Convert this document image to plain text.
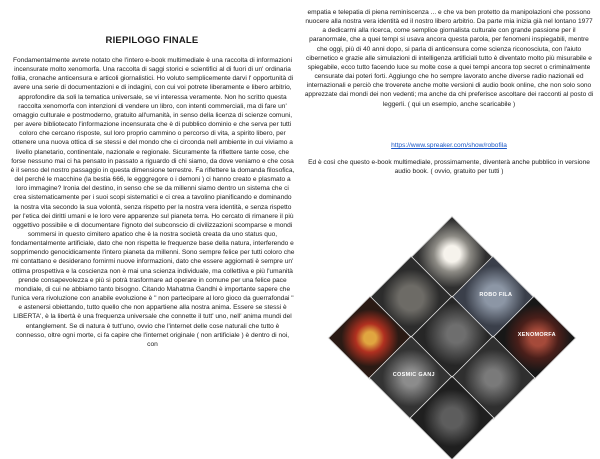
RIEPILOGO FINALE

Fondamentalmente avrete notato che l'intero e-book multimediale è una raccolta di informazioni incensurate molto xenomorfa. Una raccolta di saggi storici e scientifici al di fuori di un' ordinaria follia, cronache anticensura e articoli giornalistici. Ho voluto semplicemente darvi l' opportunità di avere una serie di documentazioni e di indagini, con cui voi potrete liberamente e libero arbitrio, approfondire da soli la tematica universale, se vi interessa veramente. Non ho scritto questa raccolta xenomorfa con intenzioni di vendere un libro, con intenti commerciali, ma di fare un' omaggio culturale e postmoderno, gratuito all'umanità, in senso della licenza di scienze comuni, per avere bibliotecato l'informazione incensurata che è di pubblico dominio e che serva per tutti coloro che cercano risposte, sul loro proprio cammino o percorso di vita, a spirito libero, per ottenere una nuova ottica di se stessi e del mondo che ci circonda nell ambiente in cui viviamo a livello planetario, continentale, nazionale e regionale. Sicuramente fa riflettere tante cose, che forse nessuno mai ci ha pensato in passato a riguardo di chi siamo, da dove veniamo e che cosa è il senso del nostro passaggio in questa dimensione terrestre. Fa riflettere la domanda filosofica, del perché le macchine (la bestia 666, le egggregore o i demoni ) ci hanno creato e plasmato a loro immagine? Ironia del destino, in senso che se da millenni siamo dentro un sistema che ci crea sistematicamente per i suoi scopi sistematici e ci crea a tavolino pianificando e dominando la nostra vita secondo la sua volontà, senza rispetto per la nostra vera identità, e senza rispetto per l'etica dei diritti umani e le loro vere apparenze sul pianeta terra. Ho cercato di rimanere il più oggettivo possibile e di documentare l'ignoto del subconscio di civilizzazioni scomparse e mondi sommersi in questo cimitero apatico che è la nostra società creata da uno status quo, fondamentalmente artificiale, dato che non rispetta le frequenze base della natura, interferendo e sopprimendo genocidicamente l'intero pianeta da millenni. Sono sempre felice per tutti coloro che mi contattano e desiderano fornirmi nuove informazioni, dato che essere aggiornati è sempre un' ottima prospettiva e la coscienza non è mai una scienza individuale, ma collettiva e più l'umanità prende consapevolezza e più si potrà trasformare ad operare in comune per una felice pace mondiale, di cui ne abbiamo tanto bisogno. Citando Mahatma Gandhi è importante sapere che l'unica vera rivoluzione con anabile evoluzione è " non partecipare al loro gioco da guerrafondai " e astenersi obiettando, tutto quello che non appartiene alla nostra anima. Essere se stessi è LIBERTA', è la libertà è una frequenza universale che connette il tutt' uno, nell' anima mundi del entanglement. Se di natura è tutt'uno, ovvio che l'internet delle cose naturali che tutto è connesso, oltre ogni morte, ci fa capire che l'internet originale ( non artificiale ) è dentro di noi, con

empatia e telepatia di piena reminiscenza ... e che va ben protetto da manipolazioni che possono nuocere alla nostra vera identità ed il nostro libero arbitrio. Da parte mia inizia già nel lontano 1977 a dedicarmi alla ricerca, come semplice giornalista culturale con grande passione per il paranormale, che a quei tempi si usava ancora questa parola, per fenomeni inspiegabili, mentre che oggi, più di 40 anni dopo, si parla di anticensura come scienza riconosciuta, con l'aiuto cibernetico e grazie alle simulazioni di intelligenza artificiali tutto è diventato molto più misurabile e spiegabile, ecco tutto facendo luce su molte cose a quei tempi ancora top secret o criminalmente censurate dai poteri forti. Aggiungo che ho sempre lavorato anche diverse radio nazionali ed internazionali e perciò che troverete anche molte versioni di audio book online, che non solo sono apprezzate dai mondi dei non vedenti; ma anche da chi preferisce ascoltare dei racconti al posto di leggerli. ( qui un esempio, anche scaricabile )

https://www.spreaker.com/show/robofila

Ed è così che questo e-book multimediale, prossimamente, diventerà anche pubblico in versione audio book. ( ovvio, gratuito per tutti )

ROBO FILA
XENOMORFA
COSMIC GANJ
